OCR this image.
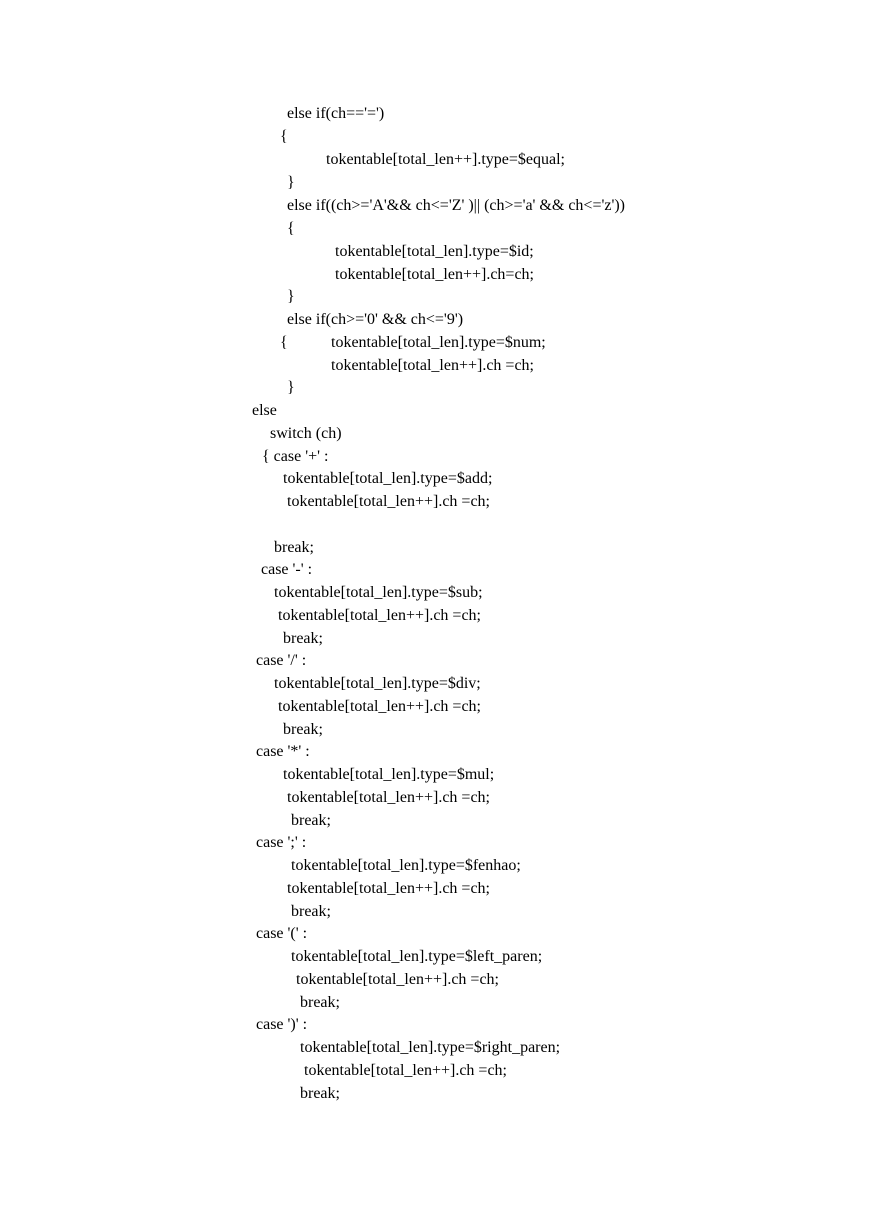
else if(ch=='=')
{
tokentable[total_len++].type=$equal;
}
else if((ch>='A'&& ch<='Z' )|| (ch>='a' && ch<='z'))
{
tokentable[total_len].type=$id;
tokentable[total_len++].ch=ch;
}
else if(ch>='0' && ch<='9')
{	tokentable[total_len].type=$num;
tokentable[total_len++].ch =ch;
}
else
switch (ch)
{ case '+' :
tokentable[total_len].type=$add;
tokentable[total_len++].ch =ch;
break;
case '-' :
tokentable[total_len].type=$sub;
tokentable[total_len++].ch =ch;
break;
case '/' :
tokentable[total_len].type=$div;
tokentable[total_len++].ch =ch;
break;
case '*' :
tokentable[total_len].type=$mul;
tokentable[total_len++].ch =ch;
break;
case ';' :
tokentable[total_len].type=$fenhao;
tokentable[total_len++].ch =ch;
break;
case '(' :
tokentable[total_len].type=$left_paren;
tokentable[total_len++].ch =ch;
break;
case ')' :
tokentable[total_len].type=$right_paren;
tokentable[total_len++].ch =ch;
break;
